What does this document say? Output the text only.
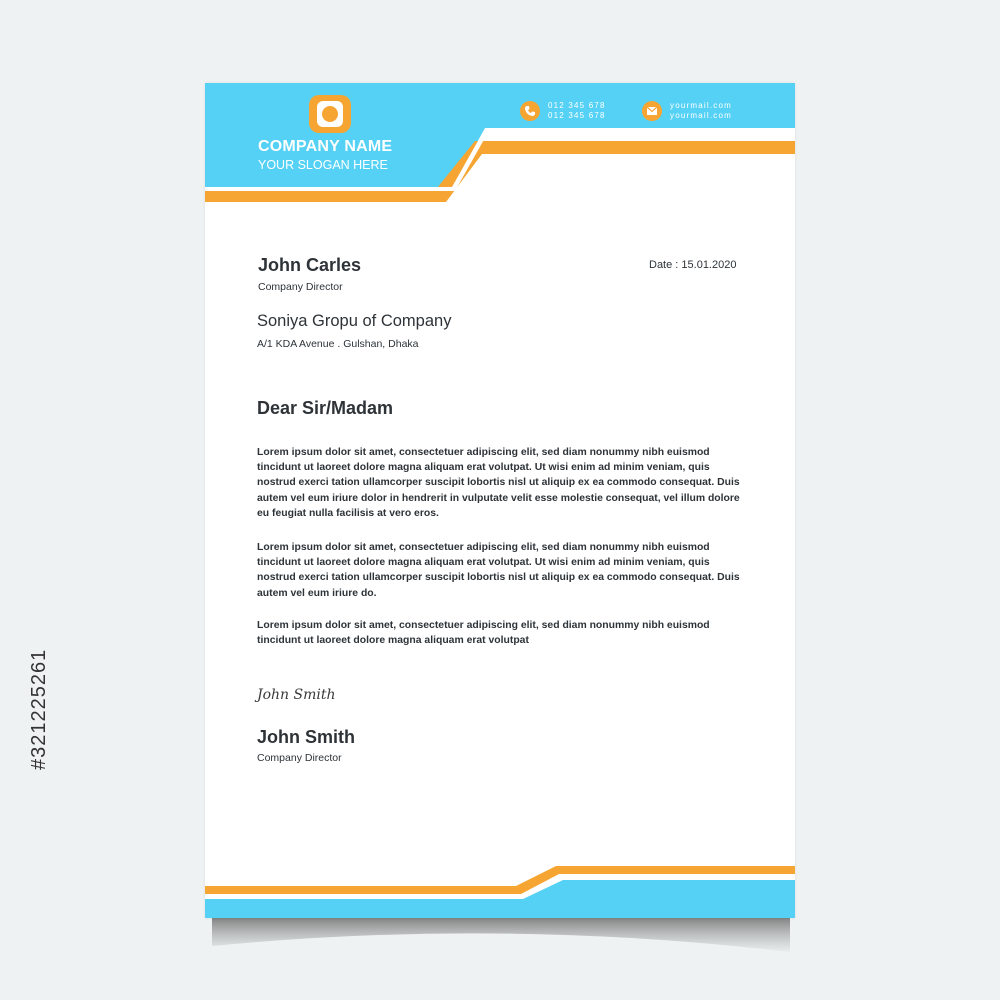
COMPANY NAME
YOUR SLOGAN HERE
012 345 678
012 345 678
yourmail.com
yourmail.com
John Carles
Company Director
Date : 15.01.2020
Soniya Gropu of Company
A/1 KDA Avenue . Gulshan, Dhaka
Dear Sir/Madam

Lorem ipsum dolor sit amet, consectetuer adipiscing elit, sed diam nonummy nibh euismod tincidunt ut laoreet dolore magna aliquam erat volutpat. Ut wisi enim ad minim veniam, quis nostrud exerci tation ullamcorper suscipit lobortis nisl ut aliquip ex ea commodo consequat. Duis autem vel eum iriure dolor in hendrerit in vulputate velit esse molestie consequat, vel illum dolore eu feugiat nulla facilisis at vero eros.

Lorem ipsum dolor sit amet, consectetuer adipiscing elit, sed diam nonummy nibh euismod tincidunt ut laoreet dolore magna aliquam erat volutpat. Ut wisi enim ad minim veniam, quis nostrud exerci tation ullamcorper suscipit lobortis nisl ut aliquip ex ea commodo consequat. Duis autem vel eum iriure do.

Lorem ipsum dolor sit amet, consectetuer adipiscing elit, sed diam nonummy nibh euismod tincidunt ut laoreet dolore magna aliquam erat volutpat

John Smith
John Smith
Company Director
#321225261
